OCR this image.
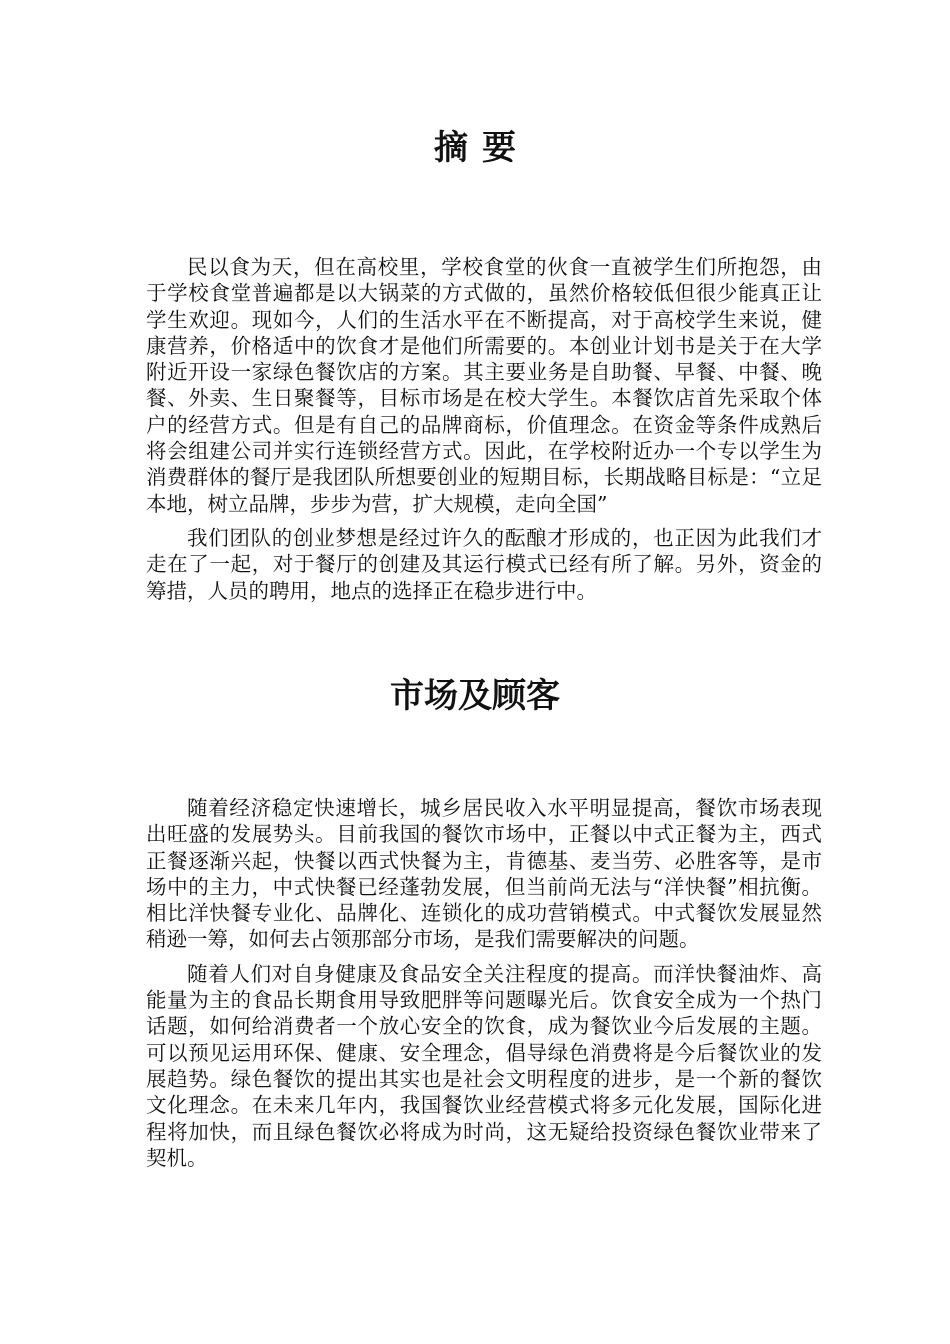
摘要

民以食为天，但在高校里，学校食堂的伙食一直被学生们所抱怨，由于学校食堂普遍都是以大锅菜的方式做的，虽然价格较低但很少能真正让学生欢迎。现如今，人们的生活水平在不断提高，对于高校学生来说，健康营养，价格适中的饮食才是他们所需要的。本创业计划书是关于在大学附近开设一家绿色餐饮店的方案。其主要业务是自助餐、早餐、中餐、晚餐、外卖、生日聚餐等，目标市场是在校大学生。本餐饮店首先采取个体户的经营方式。但是有自己的品牌商标，价值理念。在资金等条件成熟后将会组建公司并实行连锁经营方式。因此，在学校附近办一个专以学生为消费群体的餐厅是我团队所想要创业的短期目标，长期战略目标是：“立足本地，树立品牌，步步为营，扩大规模，走向全国”

我们团队的创业梦想是经过许久的酝酿才形成的，也正因为此我们才走在了一起，对于餐厅的创建及其运行模式已经有所了解。另外，资金的筹措，人员的聘用，地点的选择正在稳步进行中。

市场及顾客

随着经济稳定快速增长，城乡居民收入水平明显提高，餐饮市场表现出旺盛的发展势头。目前我国的餐饮市场中，正餐以中式正餐为主，西式正餐逐渐兴起，快餐以西式快餐为主，肯德基、麦当劳、必胜客等，是市场中的主力，中式快餐已经蓬勃发展，但当前尚无法与“洋快餐”相抗衡。相比洋快餐专业化、品牌化、连锁化的成功营销模式。中式餐饮发展显然稍逊一筹，如何去占领那部分市场，是我们需要解决的问题。

随着人们对自身健康及食品安全关注程度的提高。而洋快餐油炸、高能量为主的食品长期食用导致肥胖等问题曝光后。饮食安全成为一个热门话题，如何给消费者一个放心安全的饮食，成为餐饮业今后发展的主题。可以预见运用环保、健康、安全理念，倡导绿色消费将是今后餐饮业的发展趋势。绿色餐饮的提出其实也是社会文明程度的进步，是一个新的餐饮文化理念。在未来几年内，我国餐饮业经营模式将多元化发展，国际化进程将加快，而且绿色餐饮必将成为时尚，这无疑给投资绿色餐饮业带来了契机。
